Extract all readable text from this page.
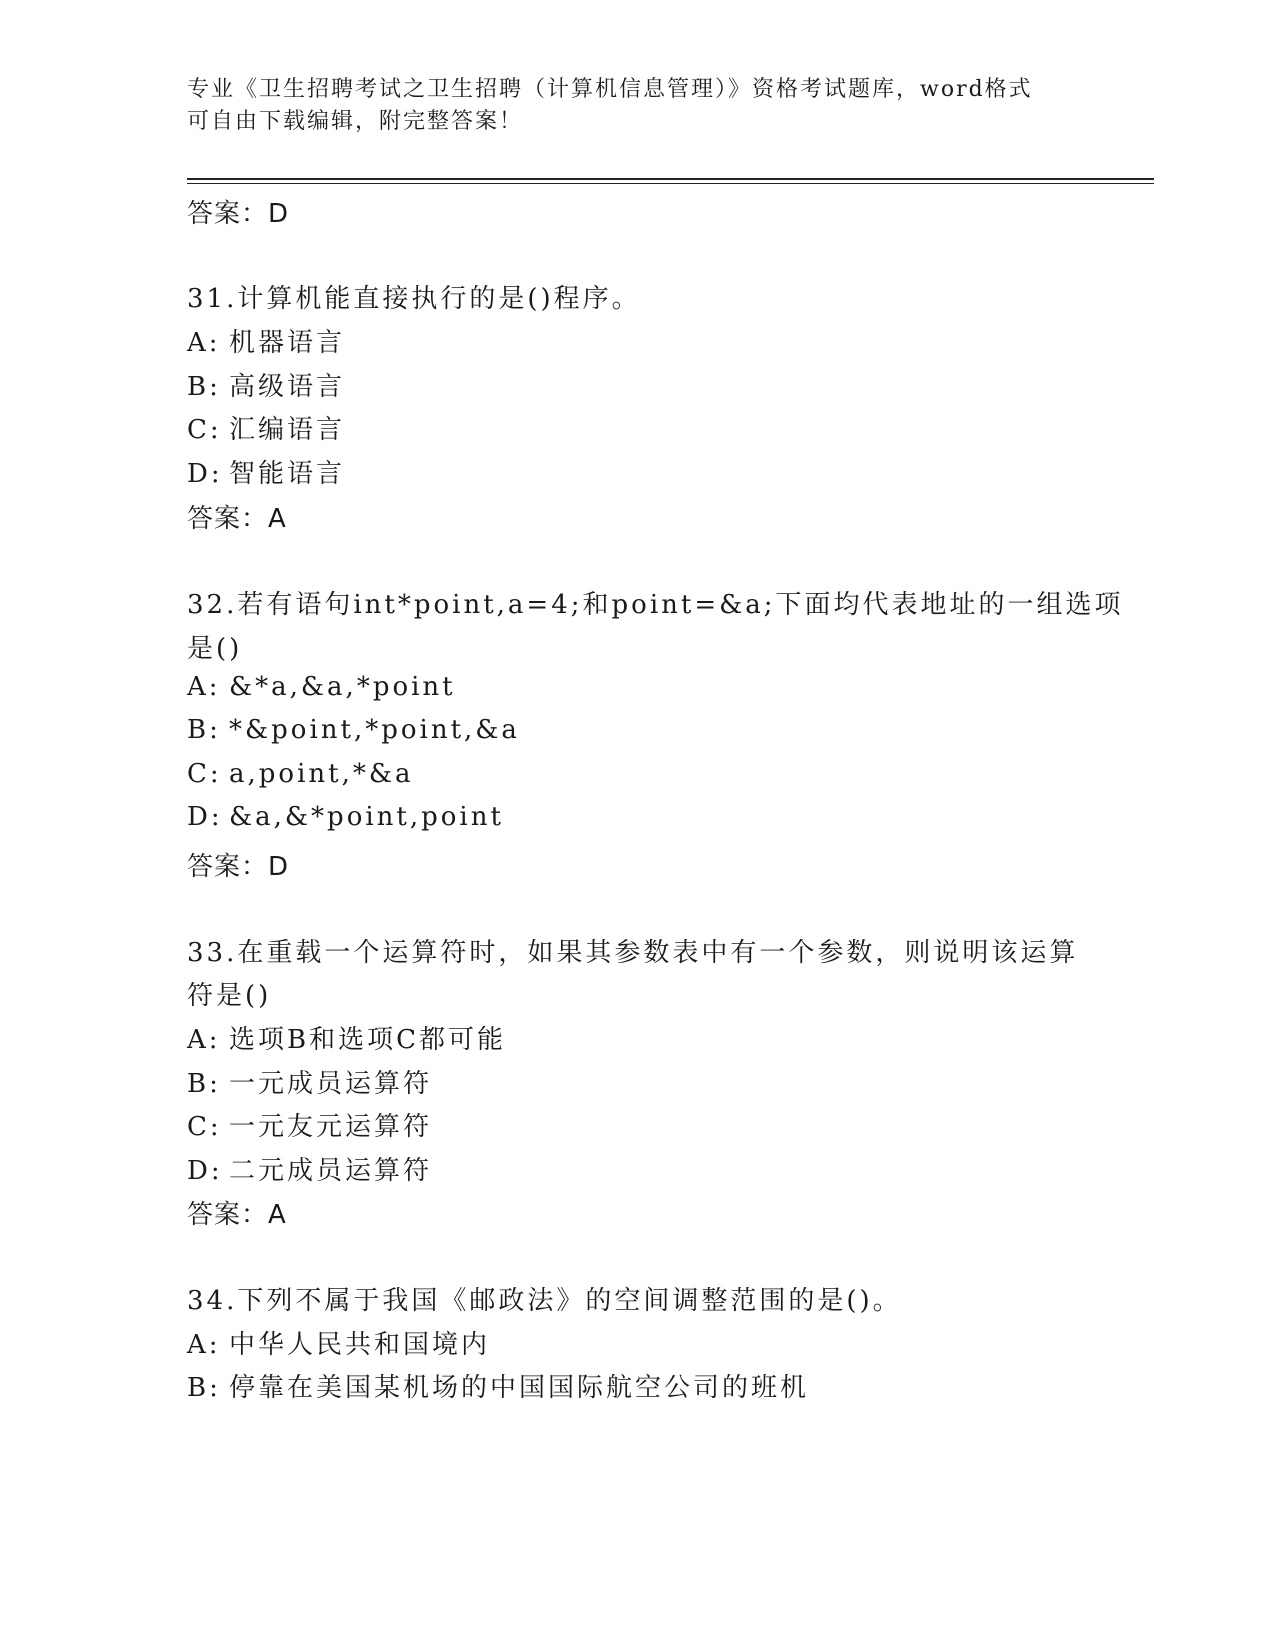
专业《卫生招聘考试之卫生招聘（计算机信息管理）》资格考试题库，word格式
可自由下载编辑，附完整答案！
答案：D
31.计算机能直接执行的是()程序。
A: 机器语言
B: 高级语言
C: 汇编语言
D: 智能语言
答案：A
32.若有语句int*point,a=4;和point=&a;下面均代表地址的一组选项
是()
A: &*a,&a,*point
B: *&point,*point,&a
C: a,point,*&a
D: &a,&*point,point
答案：D
33.在重载一个运算符时，如果其参数表中有一个参数，则说明该运算
符是()
A: 选项B和选项C都可能
B: 一元成员运算符
C: 一元友元运算符
D: 二元成员运算符
答案：A
34.下列不属于我国《邮政法》的空间调整范围的是()。
A: 中华人民共和国境内
B: 停靠在美国某机场的中国国际航空公司的班机
